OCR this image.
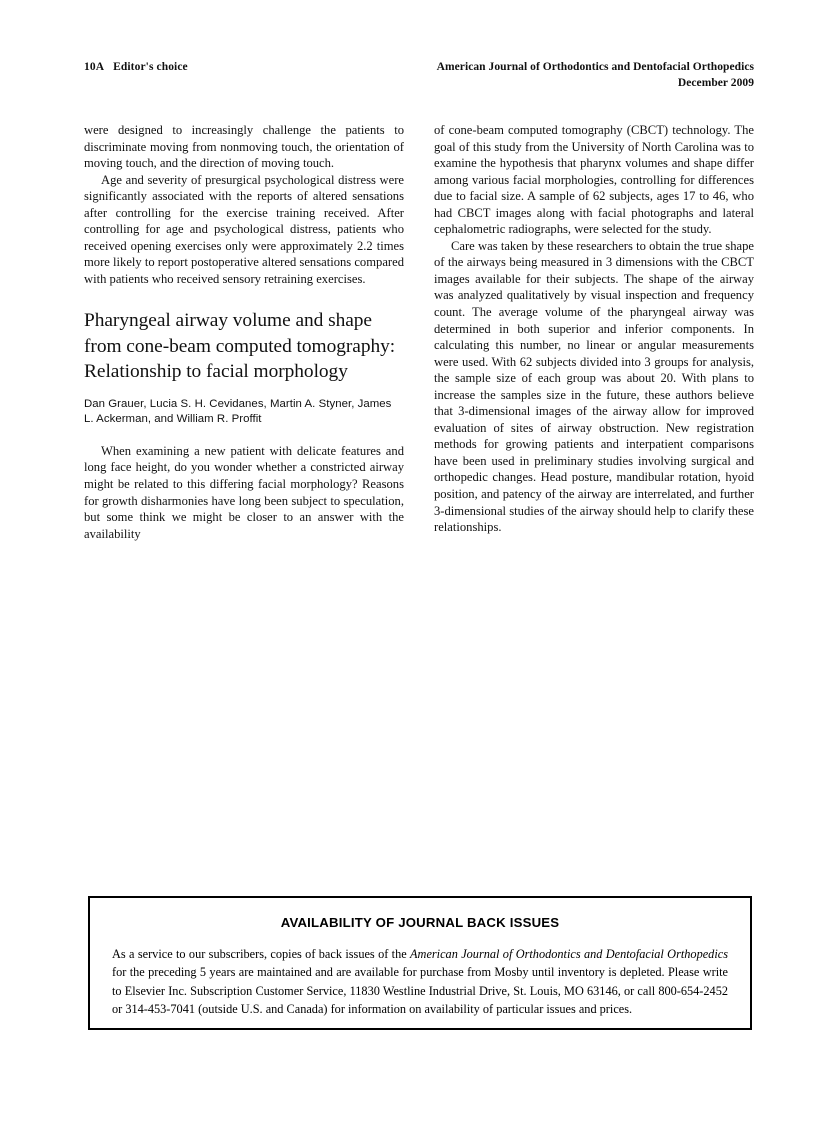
10A Editor's choice	American Journal of Orthodontics and Dentofacial Orthopedics
December 2009

were designed to increasingly challenge the patients to discriminate moving from nonmoving touch, the orientation of moving touch, and the direction of moving touch.

Age and severity of presurgical psychological distress were significantly associated with the reports of altered sensations after controlling for the exercise training received. After controlling for age and psychological distress, patients who received opening exercises only were approximately 2.2 times more likely to report postoperative altered sensations compared with patients who received sensory retraining exercises.

Pharyngeal airway volume and shape from cone-beam computed tomography: Relationship to facial morphology

Dan Grauer, Lucia S. H. Cevidanes, Martin A. Styner, James L. Ackerman, and William R. Proffit

When examining a new patient with delicate features and long face height, do you wonder whether a constricted airway might be related to this differing facial morphology? Reasons for growth disharmonies have long been subject to speculation, but some think we might be closer to an answer with the availability

of cone-beam computed tomography (CBCT) technology. The goal of this study from the University of North Carolina was to examine the hypothesis that pharynx volumes and shape differ among various facial morphologies, controlling for differences due to facial size. A sample of 62 subjects, ages 17 to 46, who had CBCT images along with facial photographs and lateral cephalometric radiographs, were selected for the study.

Care was taken by these researchers to obtain the true shape of the airways being measured in 3 dimensions with the CBCT images available for their subjects. The shape of the airway was analyzed qualitatively by visual inspection and frequency count. The average volume of the pharyngeal airway was determined in both superior and inferior components. In calculating this number, no linear or angular measurements were used. With 62 subjects divided into 3 groups for analysis, the sample size of each group was about 20. With plans to increase the samples size in the future, these authors believe that 3-dimensional images of the airway allow for improved evaluation of sites of airway obstruction. New registration methods for growing patients and interpatient comparisons have been used in preliminary studies involving surgical and orthopedic changes. Head posture, mandibular rotation, hyoid position, and patency of the airway are interrelated, and further 3-dimensional studies of the airway should help to clarify these relationships.

AVAILABILITY OF JOURNAL BACK ISSUES

As a service to our subscribers, copies of back issues of the American Journal of Orthodontics and Dentofacial Orthopedics for the preceding 5 years are maintained and are available for purchase from Mosby until inventory is depleted. Please write to Elsevier Inc. Subscription Customer Service, 11830 Westline Industrial Drive, St. Louis, MO 63146, or call 800-654-2452 or 314-453-7041 (outside U.S. and Canada) for information on availability of particular issues and prices.
